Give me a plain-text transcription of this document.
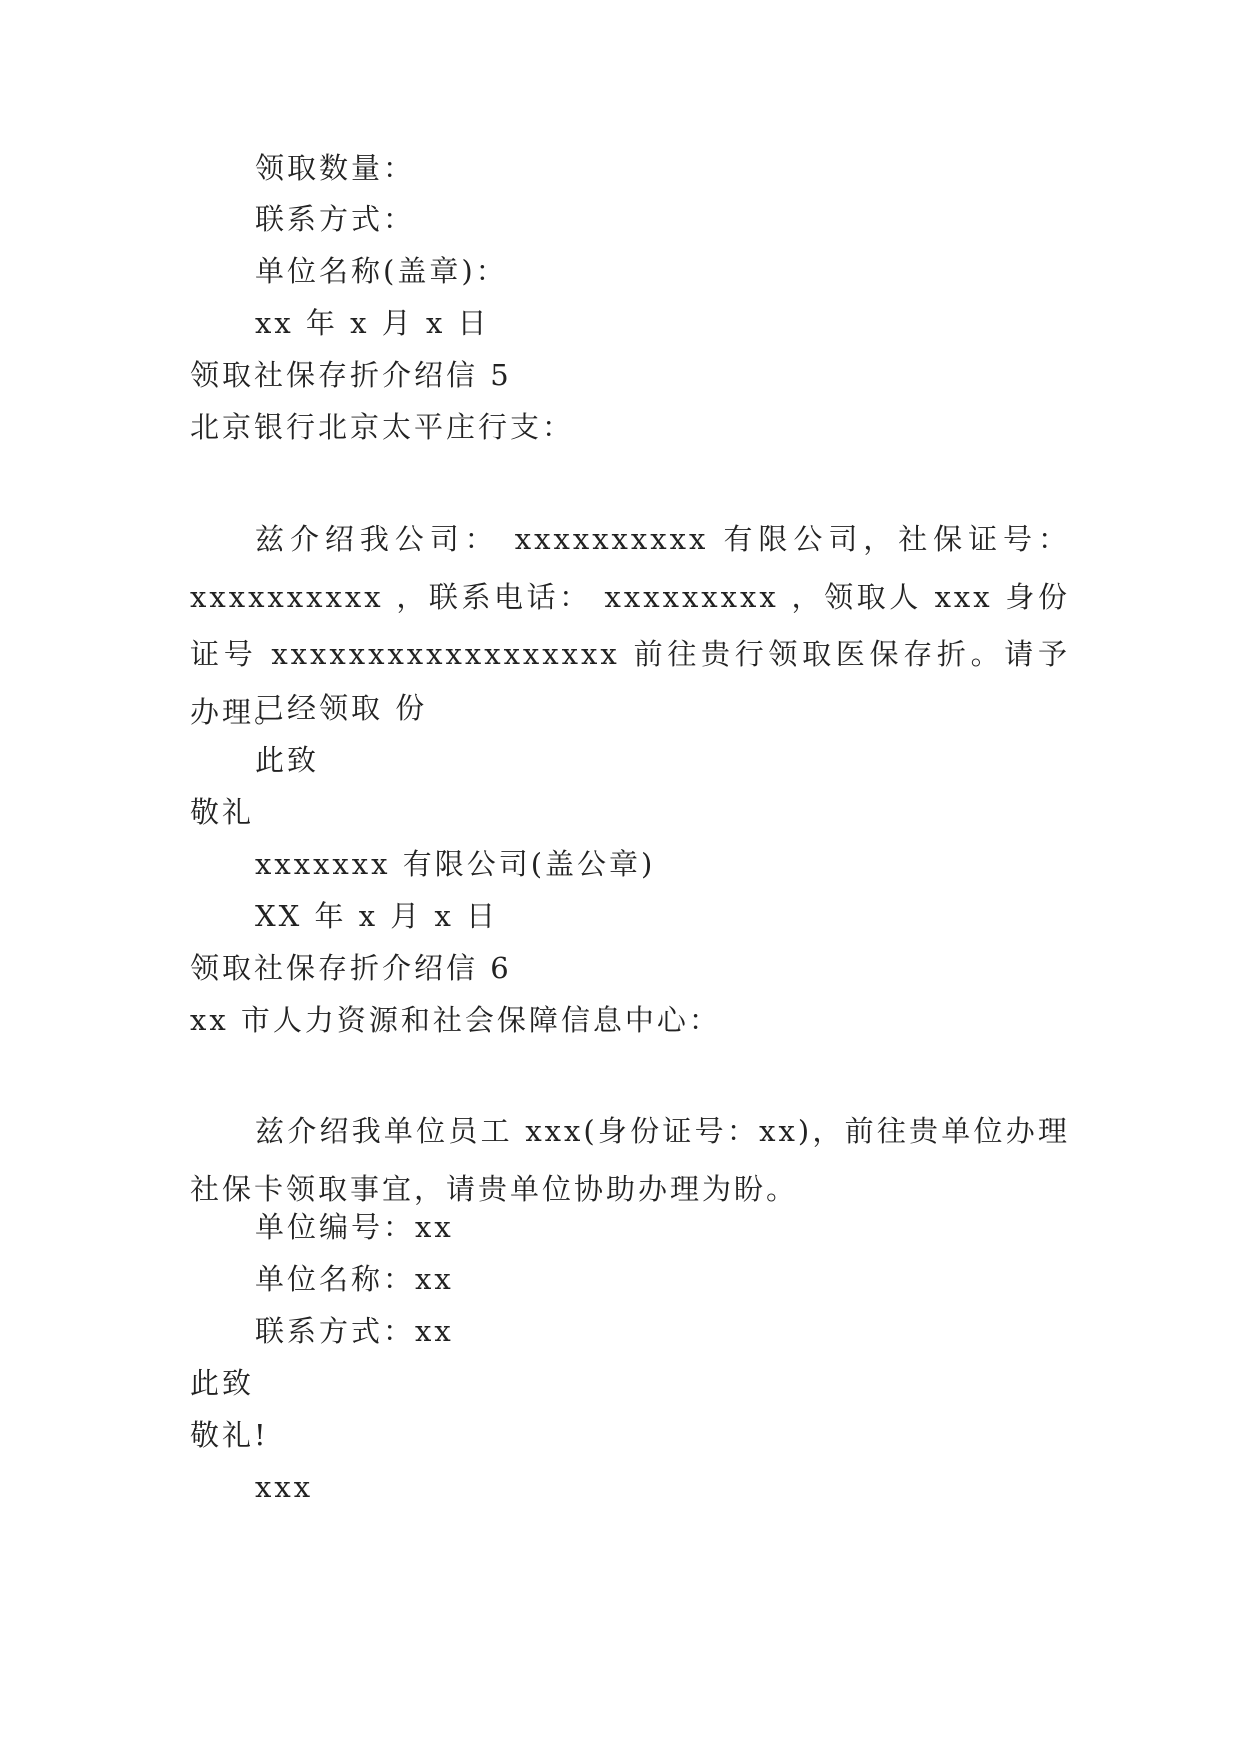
领取数量：
联系方式：
单位名称(盖章)：
xx 年 x 月 x 日
领取社保存折介绍信 5
北京银行北京太平庄行支：
兹介绍我公司： xxxxxxxxxx 有限公司，社保证号： xxxxxxxxxx ，联系电话： xxxxxxxxx ，领取人 xxx 身份证号 xxxxxxxxxxxxxxxxxx 前往贵行领取医保存折。请予办理。
已经领取 份
此致
敬礼
xxxxxxx 有限公司(盖公章)
XX 年 x 月 x 日
领取社保存折介绍信 6
xx 市人力资源和社会保障信息中心：
兹介绍我单位员工 xxx(身份证号：xx)，前往贵单位办理社保卡领取事宜，请贵单位协助办理为盼。
单位编号：xx
单位名称：xx
联系方式：xx
此致
敬礼!
xxx
